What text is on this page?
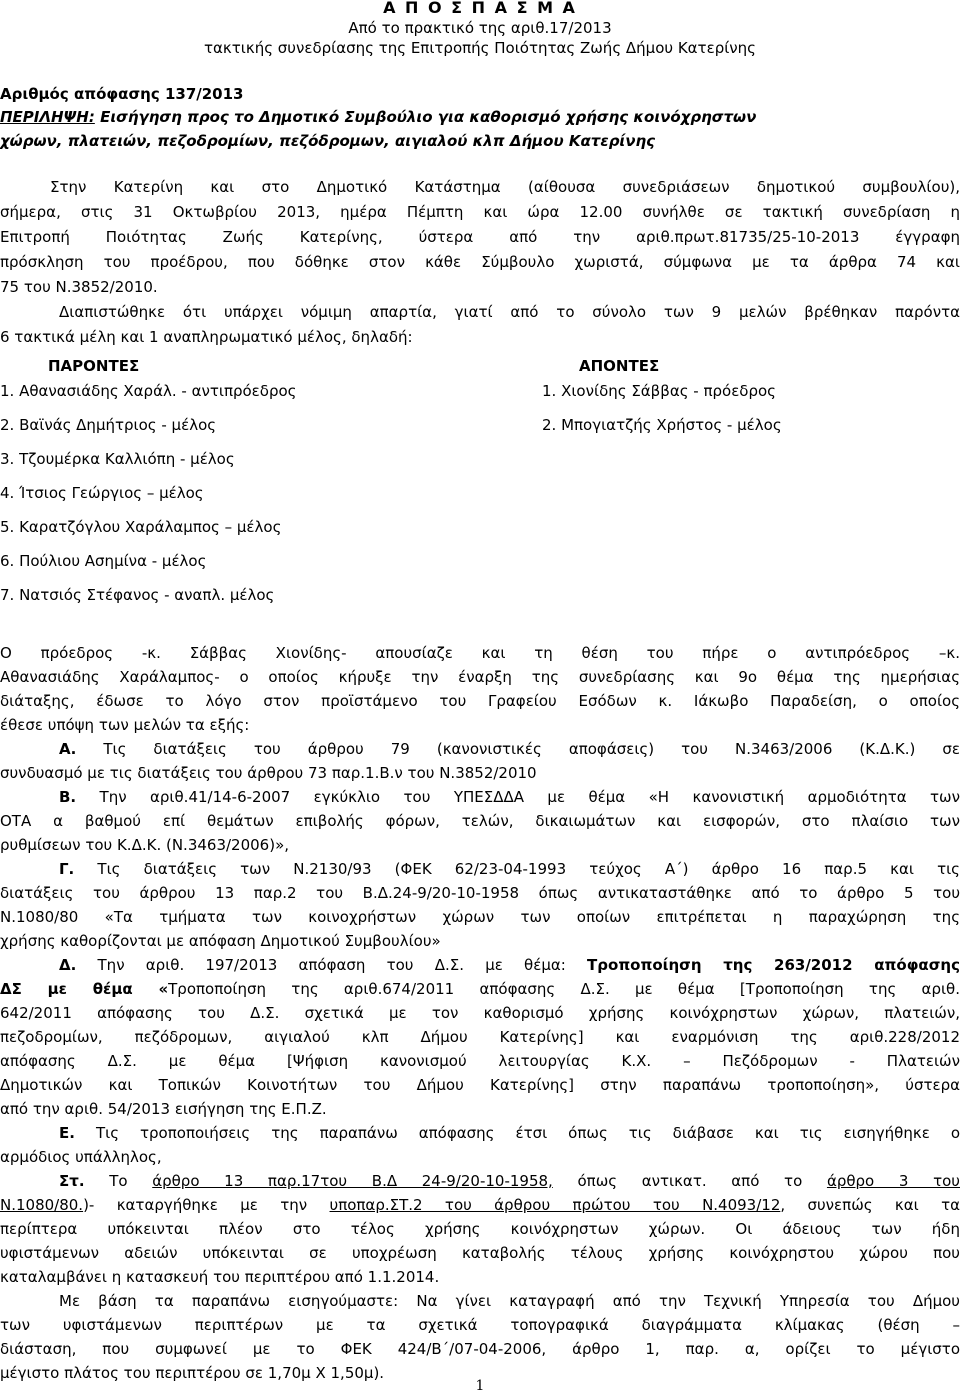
Α Π Ο Σ Π Α Σ Μ Α
Από το πρακτικό της αριθ.17/2013
τακτικής συνεδρίασης της Επιτροπής Ποιότητας Ζωής Δήμου Κατερίνης
Αριθμός απόφασης 137/2013
ΠΕΡΙΛΗΨΗ: Εισήγηση προς το Δημοτικό Συμβούλιο για καθορισμό χρήσης κοινόχρηστων
χώρων, πλατειών, πεζοδρομίων, πεζόδρομων, αιγιαλού κλπ Δήμου Κατερίνης
Στην Κατερίνη και στο Δημοτικό Κατάστημα (αίθουσα συνεδριάσεων δημοτικού συμβουλίου),
σήμερα, στις 31 Οκτωβρίου 2013, ημέρα Πέμπτη και ώρα 12.00 συνήλθε σε τακτική συνεδρίαση η
Επιτροπή Ποιότητας Ζωής Κατερίνης, ύστερα από την αριθ.πρωτ.81735/25-10-2013 έγγραφη
πρόσκληση του προέδρου, που δόθηκε στον κάθε Σύμβουλο χωριστά, σύμφωνα με τα άρθρα 74 και
75 του Ν.3852/2010.
Διαπιστώθηκε ότι υπάρχει νόμιμη απαρτία, γιατί από το σύνολο των 9 μελών βρέθηκαν παρόντα
6 τακτικά μέλη και 1 αναπληρωματικό μέλος, δηλαδή:
ΠΑΡΟΝΤΕΣ
1. Αθανασιάδης Χαράλ. - αντιπρόεδρος
2. Βαϊνάς Δημήτριος - μέλος
3. Τζουμέρκα Καλλιόπη - μέλος
4. Ίτσιος Γεώργιος – μέλος
5. Καρατζόγλου Χαράλαμπος – μέλος
6. Πούλιου Ασημίνα - μέλος
7. Νατσιός Στέφανος - αναπλ. μέλος
ΑΠΟΝΤΕΣ
1. Χιονίδης Σάββας - πρόεδρος
2. Μπογιατζής Χρήστος - μέλος
Ο πρόεδρος -κ. Σάββας Χιονίδης- απουσίαζε και τη θέση του πήρε ο αντιπρόεδρος –κ.
Αθανασιάδης Χαράλαμπος- ο οποίος κήρυξε την έναρξη της συνεδρίασης και 9ο θέμα της ημερήσιας
διάταξης, έδωσε το λόγο στον προϊστάμενο του Γραφείου Εσόδων κ. Ιάκωβο Παραδείση, ο οποίος
έθεσε υπόψη των μελών τα εξής:
Α. Τις διατάξεις του άρθρου 79 (κανονιστικές αποφάσεις) του Ν.3463/2006 (Κ.Δ.Κ.) σε
συνδυασμό με τις διατάξεις του άρθρου 73 παρ.1.Β.ν του Ν.3852/2010
Β. Την αριθ.41/14-6-2007 εγκύκλιο του ΥΠΕΣΔΔΑ με θέμα «Η κανονιστική αρμοδιότητα των
ΟΤΑ α βαθμού επί θεμάτων επιβολής φόρων, τελών, δικαιωμάτων και εισφορών, στο πλαίσιο των
ρυθμίσεων του Κ.Δ.Κ. (Ν.3463/2006)»,
Γ. Τις διατάξεις των Ν.2130/93 (ΦΕΚ 62/23-04-1993 τεύχος Α΄) άρθρο 16 παρ.5 και τις
διατάξεις του άρθρου 13 παρ.2 του Β.Δ.24-9/20-10-1958 όπως αντικαταστάθηκε από το άρθρο 5 του
Ν.1080/80 «Τα τμήματα των κοινοχρήστων χώρων των οποίων επιτρέπεται η παραχώρηση της
χρήσης καθορίζονται με απόφαση Δημοτικού Συμβουλίου»
Δ. Την αριθ. 197/2013 απόφαση του Δ.Σ. με θέμα: Τροποποίηση της 263/2012 απόφασης
ΔΣ με θέμα «Τροποποίηση της αριθ.674/2011 απόφασης Δ.Σ. με θέμα [Τροποποίηση της αριθ.
642/2011 απόφασης του Δ.Σ. σχετικά με τον καθορισμό χρήσης κοινόχρηστων χώρων, πλατειών,
πεζοδρομίων, πεζόδρομων, αιγιαλού κλπ Δήμου Κατερίνης] και εναρμόνιση της αριθ.228/2012
απόφασης Δ.Σ. με θέμα [Ψήφιση κανονισμού λειτουργίας Κ.Χ. – Πεζόδρομων - Πλατειών
Δημοτικών και Τοπικών Κοινοτήτων του Δήμου Κατερίνης] στην παραπάνω τροποποίηση», ύστερα
από την αριθ. 54/2013 εισήγηση της Ε.Π.Ζ.
Ε. Τις τροποποιήσεις της παραπάνω απόφασης έτσι όπως τις διάβασε και τις εισηγήθηκε ο
αρμόδιος υπάλληλος,
Στ. Το άρθρο 13 παρ.17του Β.Δ 24-9/20-10-1958, όπως αντικατ. από το άρθρο 3 του
Ν.1080/80.)- καταργήθηκε με την υποπαρ.ΣΤ.2 του άρθρου πρώτου του Ν.4093/12, συνεπώς και τα
περίπτερα υπόκεινται πλέον στο τέλος χρήσης κοινόχρηστων χώρων. Οι άδειους των ήδη
υφιστάμενων αδειών υπόκεινται σε υποχρέωση καταβολής τέλους χρήσης κοινόχρηστου χώρου που
καταλαμβάνει η κατασκευή του περιπτέρου από 1.1.2014.
Με βάση τα παραπάνω εισηγούμαστε: Να γίνει καταγραφή από την Τεχνική Υπηρεσία του Δήμου
των υφιστάμενων περιπτέρων με τα σχετικά τοπογραφικά διαγράμματα κλίμακας (θέση –
διάσταση, που συμφωνεί με το ΦΕΚ 424/Β΄/07-04-2006, άρθρο 1, παρ. α, ορίζει το μέγιστο
μέγιστο πλάτος του περιπτέρου σε 1,70μ Χ 1,50μ).
1
